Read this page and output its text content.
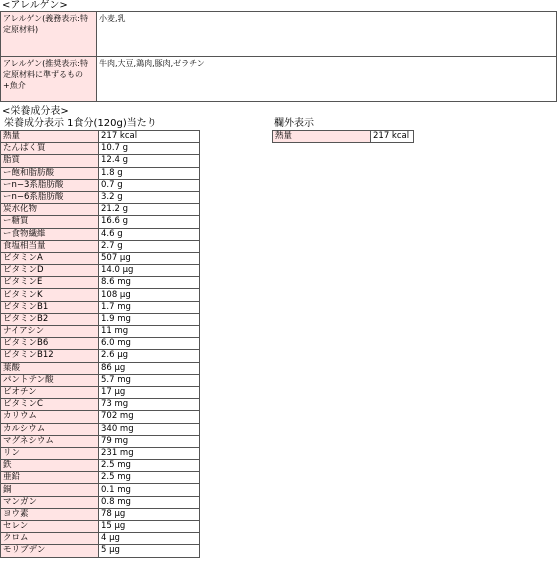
<アレルゲン>
アレルゲン(義務表示:特定原材料)	小麦,乳
アレルゲン(推奨表示:特定原材料に準ずるもの+魚介	牛肉,大豆,鶏肉,豚肉,ゼラチン
<栄養成分表>
栄養成分表示 1食分(120g)当たり	欄外表示
熱量	217 kcal
たんぱく質	10.7 g
脂質	12.4 g
ー飽和脂肪酸	1.8 g
ーn−3系脂肪酸	0.7 g
ーn−6系脂肪酸	3.2 g
炭水化物	21.2 g
ー糖質	16.6 g
ー食物繊維	4.6 g
食塩相当量	2.7 g
ビタミンA	507 μg
ビタミンD	14.0 μg
ビタミンE	8.6 mg
ビタミンK	108 μg
ビタミンB1	1.7 mg
ビタミンB2	1.9 mg
ナイアシン	11 mg
ビタミンB6	6.0 mg
ビタミンB12	2.6 μg
葉酸	86 μg
パントテン酸	5.7 mg
ビオチン	17 μg
ビタミンC	73 mg
カリウム	702 mg
カルシウム	340 mg
マグネシウム	79 mg
リン	231 mg
鉄	2.5 mg
亜鉛	2.5 mg
銅	0.1 mg
マンガン	0.8 mg
ヨウ素	78 μg
セレン	15 μg
クロム	4 μg
モリブデン	5 μg
熱量	217 kcal
